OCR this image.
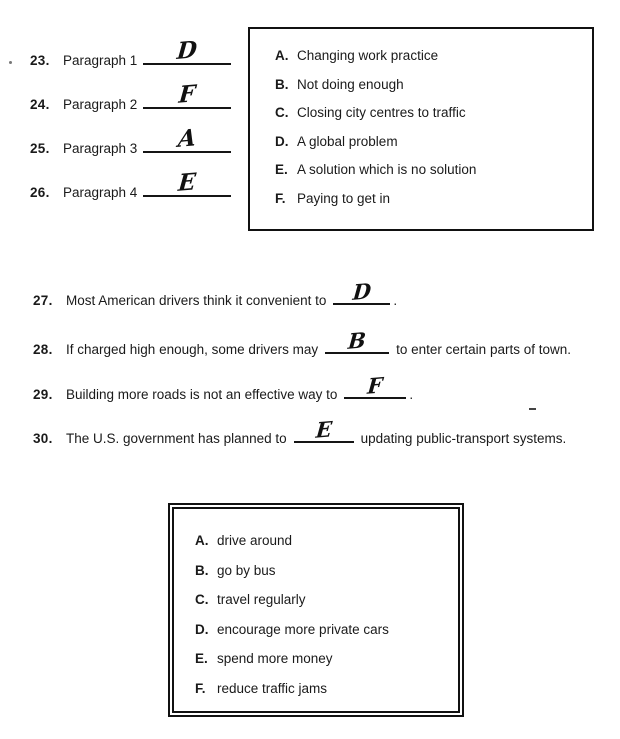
23. Paragraph 1 D
24. Paragraph 2 F
25. Paragraph 3 A
26. Paragraph 4 E
A. Changing work practice
B. Not doing enough
C. Closing city centres to traffic
D. A global problem
E. A solution which is no solution
F. Paying to get in
27. Most American drivers think it convenient to D .
28. If charged high enough, some drivers may B to enter certain parts of town.
29. Building more roads is not an effective way to F .
30. The U.S. government has planned to E updating public-transport systems.
A. drive around
B. go by bus
C. travel regularly
D. encourage more private cars
E. spend more money
F. reduce traffic jams
